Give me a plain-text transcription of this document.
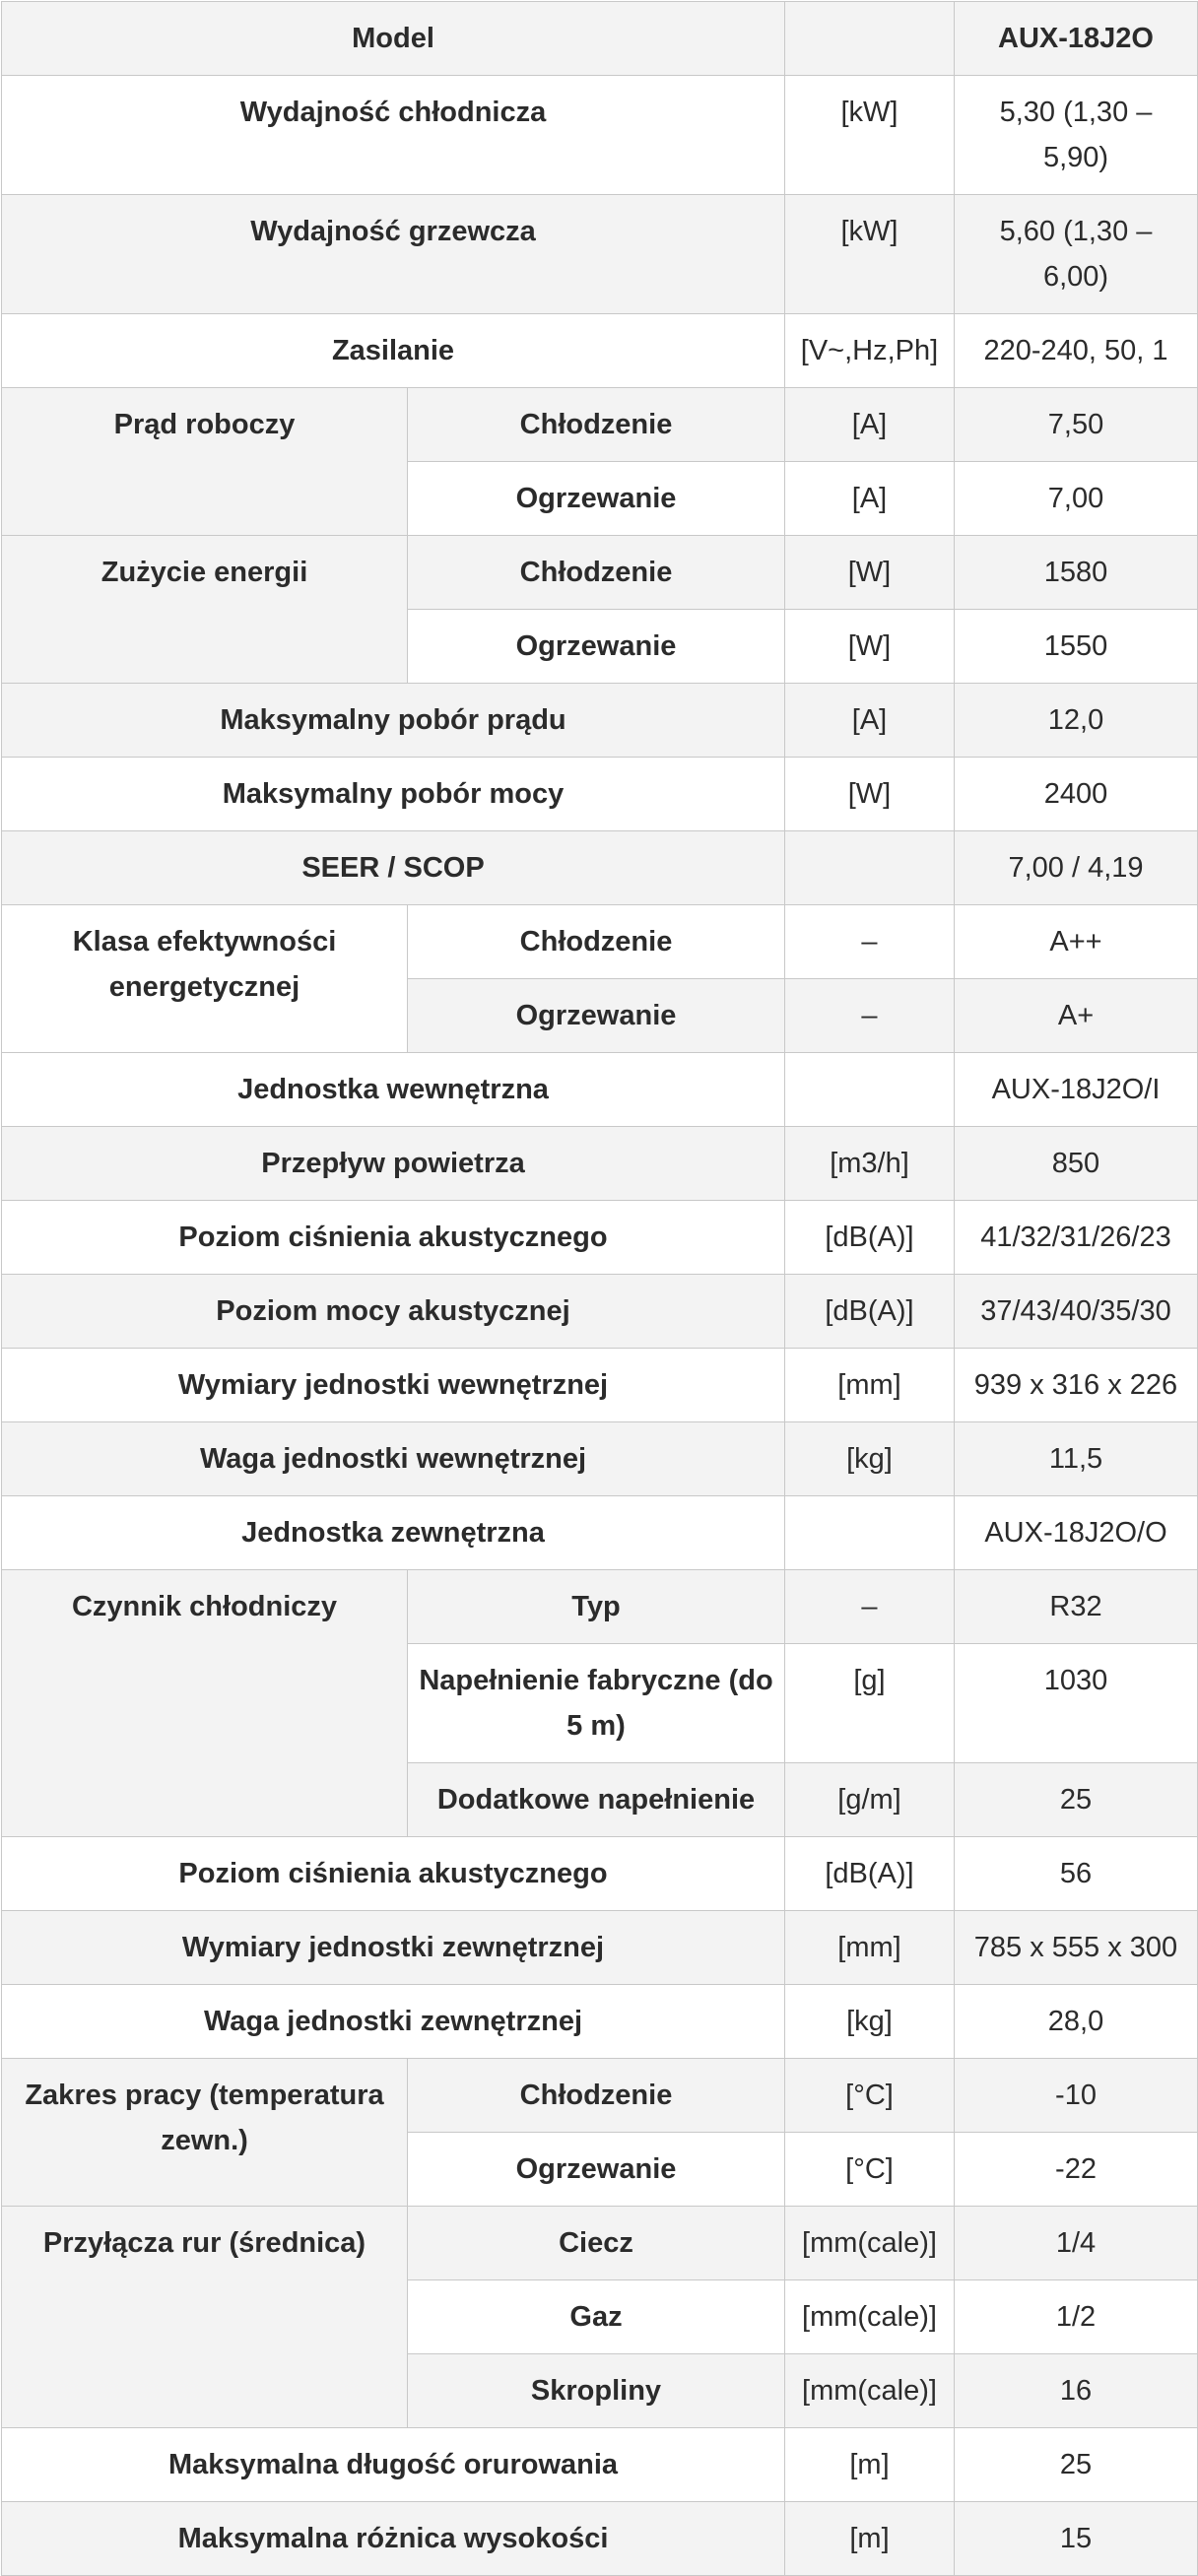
Model			AUX-18J2O
Wydajność chłodnicza		[kW]	5,30 (1,30 – 5,90)
Wydajność grzewcza		[kW]	5,60 (1,30 – 6,00)
Zasilanie		[V~,Hz,Ph]	220-240, 50, 1
Prąd roboczy	Chłodzenie	[A]	7,50
	Ogrzewanie	[A]	7,00
Zużycie energii	Chłodzenie	[W]	1580
	Ogrzewanie	[W]	1550
Maksymalny pobór prądu		[A]	12,0
Maksymalny pobór mocy		[W]	2400
SEER / SCOP			7,00 / 4,19
Klasa efektywności energetycznej	Chłodzenie	–	A++
	Ogrzewanie	–	A+
Jednostka wewnętrzna			AUX-18J2O/I
Przepływ powietrza		[m3/h]	850
Poziom ciśnienia akustycznego		[dB(A)]	41/32/31/26/23
Poziom mocy akustycznej		[dB(A)]	37/43/40/35/30
Wymiary jednostki wewnętrznej		[mm]	939 x 316 x 226
Waga jednostki wewnętrznej		[kg]	11,5
Jednostka zewnętrzna			AUX-18J2O/O
Czynnik chłodniczy	Typ	–	R32
	Napełnienie fabryczne (do 5 m)	[g]	1030
	Dodatkowe napełnienie	[g/m]	25
Poziom ciśnienia akustycznego		[dB(A)]	56
Wymiary jednostki zewnętrznej		[mm]	785 x 555 x 300
Waga jednostki zewnętrznej		[kg]	28,0
Zakres pracy (temperatura zewn.)	Chłodzenie	[°C]	-10
	Ogrzewanie	[°C]	-22
Przyłącza rur (średnica)	Ciecz	[mm(cale)]	1/4
	Gaz	[mm(cale)]	1/2
	Skropliny	[mm(cale)]	16
Maksymalna długość orurowania		[m]	25
Maksymalna różnica wysokości		[m]	15
